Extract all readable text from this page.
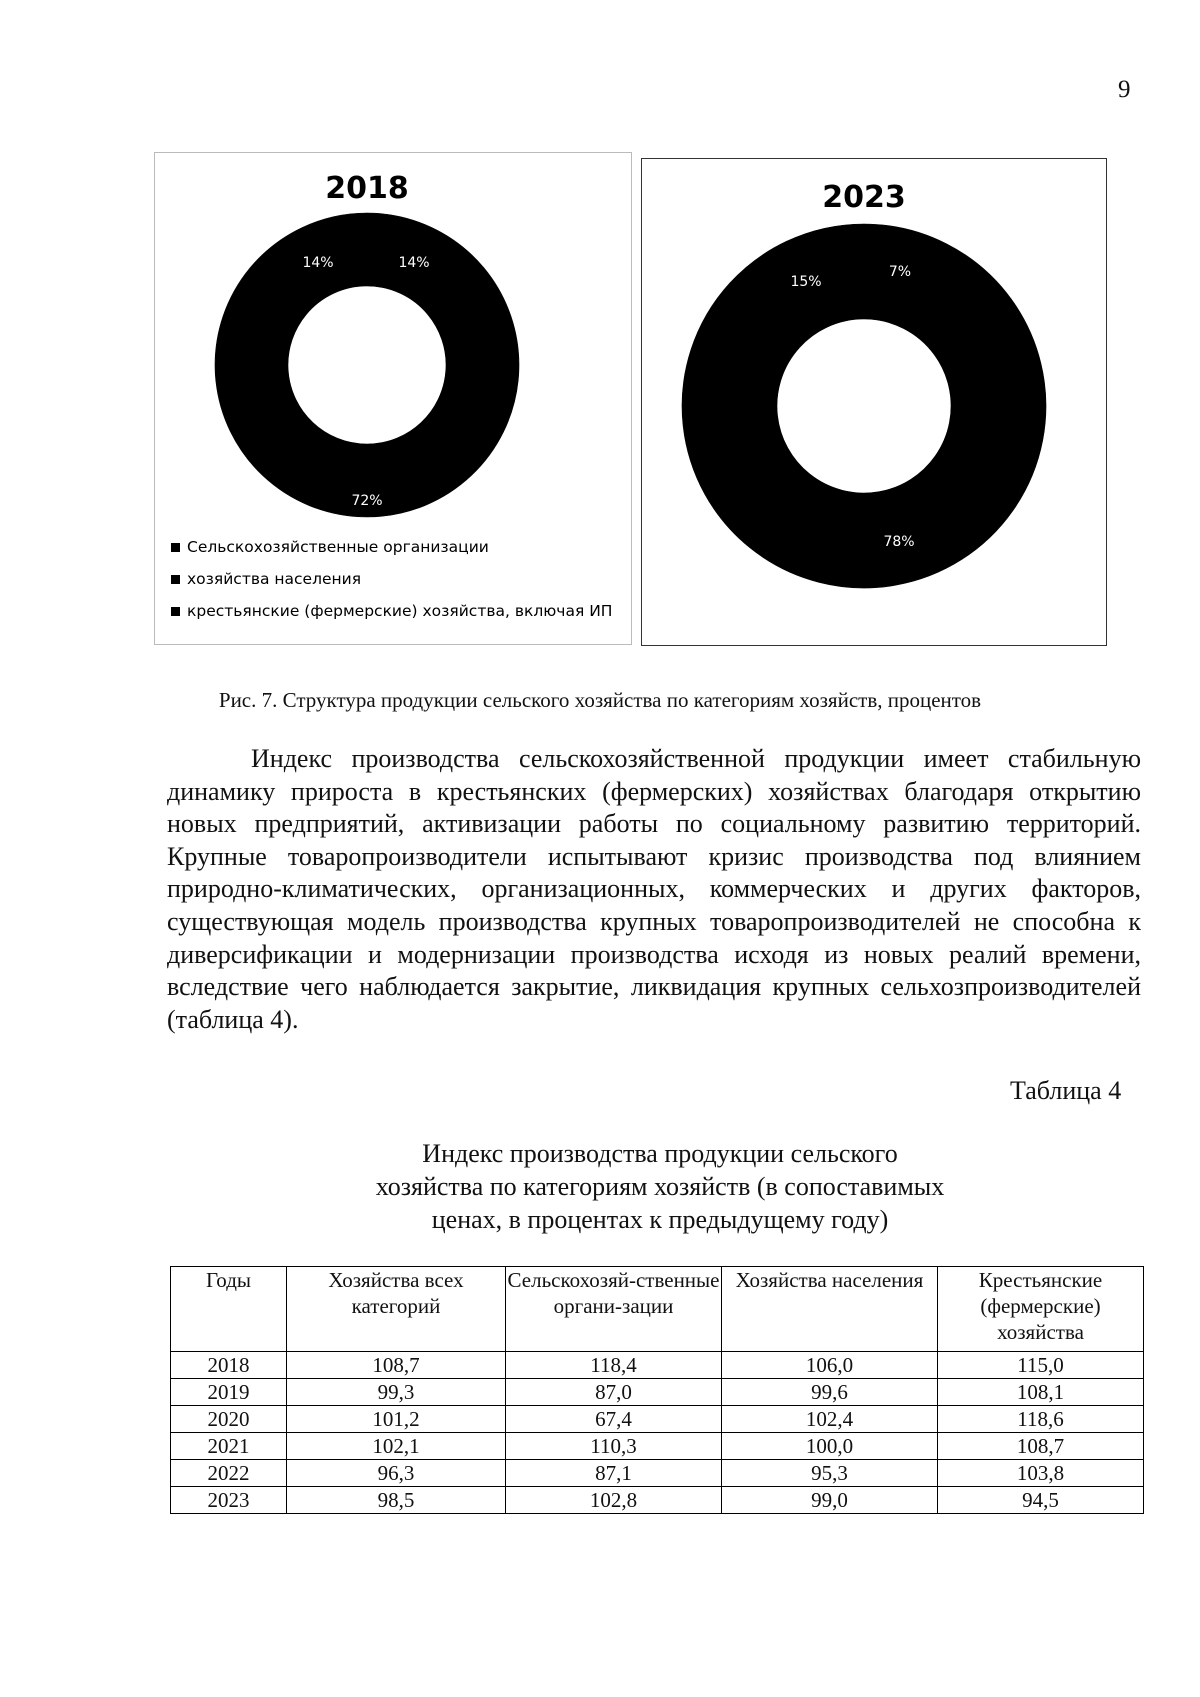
9
2018
14%	14%
72%
Сельскохозяйственные организации
хозяйства населения
крестьянские (фермерские) хозяйства, включая ИП
2023
15%
7%
78%
Рис. 7. Структура продукции сельского хозяйства по категориям хозяйств, процентов

Индекс производства сельскохозяйственной продукции имеет стабильную динамику прироста в крестьянских (фермерских) хозяйствах благодаря открытию новых предприятий, активизации работы по социальному развитию территорий. Крупные товаропроизводители испытывают кризис производства под влиянием природно-климатических, организационных, коммерческих и других факторов, существующая модель производства крупных товаропроизводителей не способна к диверсификации и модернизации производства исходя из новых реалий времени, вследствие чего наблюдается закрытие, ликвидация крупных сельхозпроизводителей (таблица 4).

Таблица 4
Индекс производства продукции сельского
хозяйства по категориям хозяйств (в сопоставимых
ценах, в процентах к предыдущему году)
Годы	Хозяйства всех категорий	Сельскохозяй-ственные органи-зации	Хозяйства населения	Крестьянские (фермерские) хозяйства
2018	108,7	118,4	106,0	115,0
2019	99,3	87,0	99,6	108,1
2020	101,2	67,4	102,4	118,6
2021	102,1	110,3	100,0	108,7
2022	96,3	87,1	95,3	103,8
2023	98,5	102,8	99,0	94,5
